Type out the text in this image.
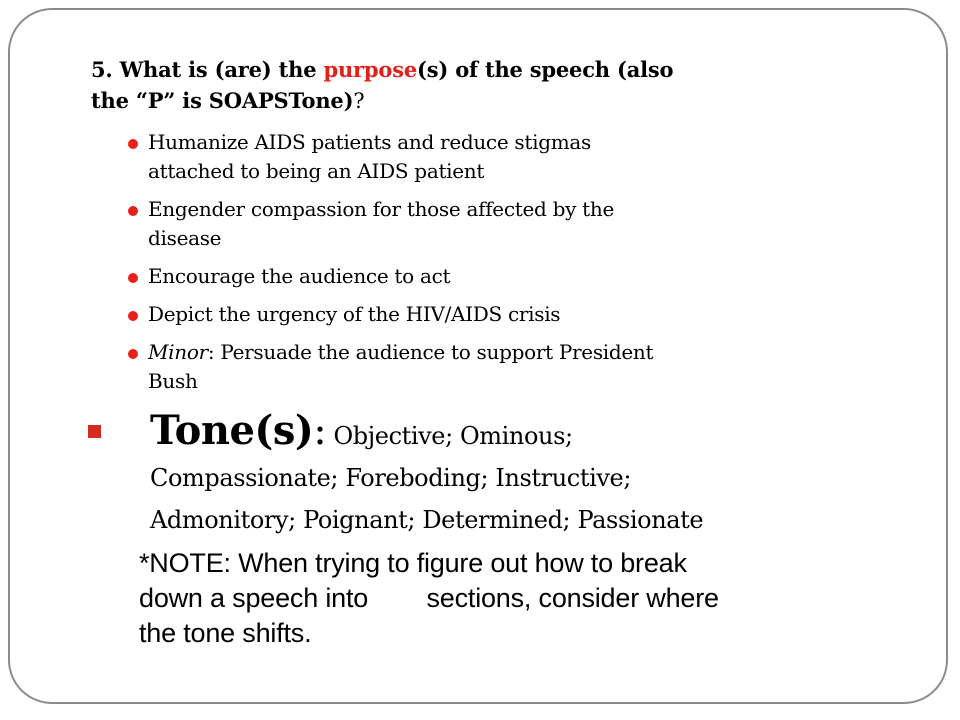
5. What is (are) the purpose(s) of the speech (also
the “P” is SOAPSTone)?
Humanize AIDS patients and reduce stigmas
attached to being an AIDS patient
Engender compassion for those affected by the
disease
Encourage the audience to act
Depict the urgency of the HIV/AIDS crisis
Minor: Persuade the audience to support President
Bush
Tone(s): Objective; Ominous;
Compassionate; Foreboding; Instructive;
Admonitory; Poignant; Determined; Passionate
*NOTE: When trying to figure out how to break
down a speech into        sections, consider where
the tone shifts.
